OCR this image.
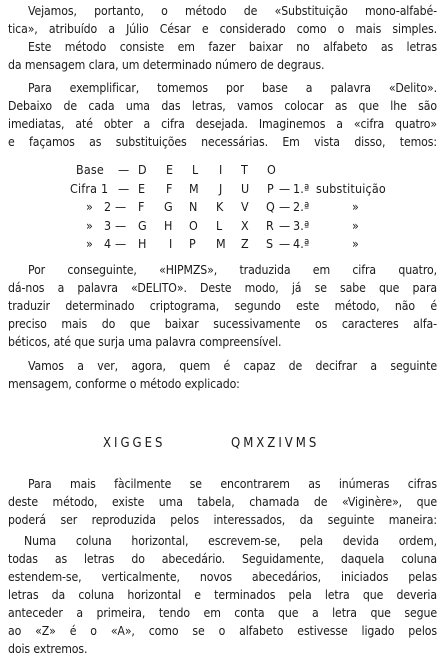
Vejamos, portanto, o método de «Substituição mono-alfabé-
tica», atribuído a Júlio César e considerado como o mais simples.
Este método consiste em fazer baixar no alfabeto as letras
da mensagem clara, um determinado número de degraus.
Para exemplificar, tomemos por base a palavra «Delito».
Debaixo de cada uma das letras, vamos colocar as que lhe são
imediatas, até obter a cifra desejada. Imaginemos a «cifra quatro»
e façamos as substituições necessárias. Em vista disso, temos:
Base — D E L I T O
Cifra 1 — E F M J U P — 1.ª substituição
» 2 — F G N K V Q — 2.ª	»
» 3 — G H O L X R — 3.ª	»
» 4 — H I P M Z S — 4.ª	»
Por conseguinte, «HIPMZS», traduzida em cifra quatro,
dá-nos a palavra «DELITO». Deste modo, já se sabe que para
traduzir determinado criptograma, segundo este método, não é
preciso mais do que baixar sucessivamente os caracteres alfa-
béticos, até que surja uma palavra compreensível.
Vamos a ver, agora, quem é capaz de decifrar a seguinte
mensagem, conforme o método explicado:
XIGGES	QMXZIVMS
Para mais fàcilmente se encontrarem as inúmeras cifras
deste método, existe uma tabela, chamada de «Viginère», que
poderá ser reproduzida pelos interessados, da seguinte maneira:
Numa coluna horizontal, escrevem-se, pela devida ordem,
todas as letras do abecedário. Seguidamente, daquela coluna
estendem-se, verticalmente, novos abecedários, iniciados pelas
letras da coluna horizontal e terminados pela letra que deveria
anteceder a primeira, tendo em conta que a letra que segue
ao «Z» é o «A», como se o alfabeto estivesse ligado pelos
dois extremos.
